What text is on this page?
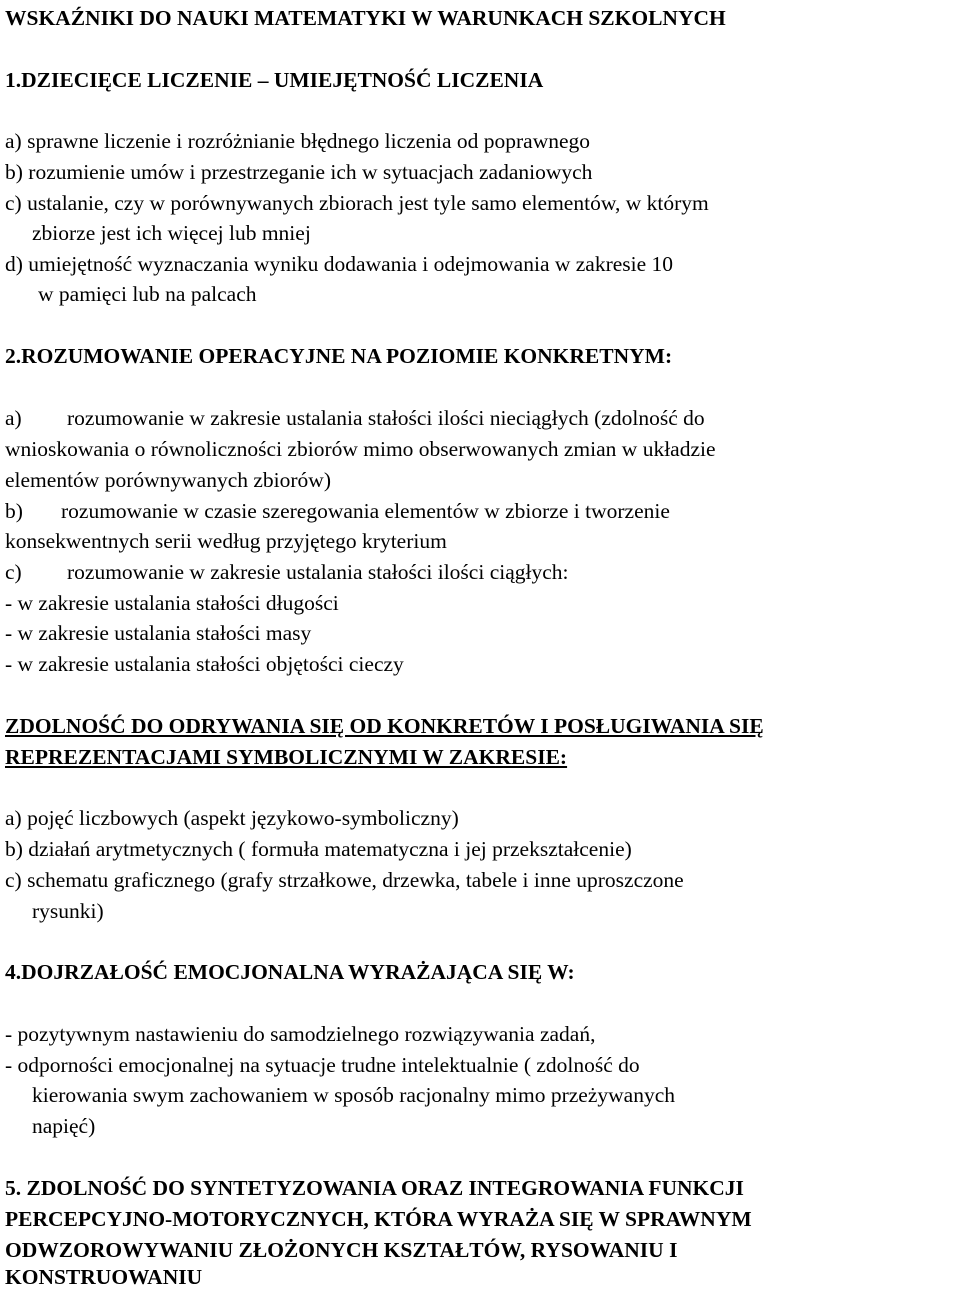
WSKAŹNIKI DO NAUKI MATEMATYKI W WARUNKACH SZKOLNYCH

1.DZIECIĘCE LICZENIE – UMIEJĘTNOŚĆ LICZENIA

a) sprawne liczenie i rozróżnianie błędnego liczenia od poprawnego

b) rozumienie umów i przestrzeganie ich w sytuacjach zadaniowych

c) ustalanie, czy w porównywanych zbiorach jest tyle samo elementów, w którym

zbiorze jest ich więcej lub mniej

d) umiejętność wyznaczania wyniku dodawania i odejmowania w zakresie 10

w pamięci lub na palcach

2.ROZUMOWANIE OPERACYJNE NA POZIOMIE KONKRETNYM:

a) rozumowanie w zakresie ustalania stałości ilości nieciągłych (zdolność do

wnioskowania o równoliczności zbiorów mimo obserwowanych zmian w układzie

elementów porównywanych zbiorów)

b) rozumowanie w czasie szeregowania elementów w zbiorze i tworzenie

konsekwentnych serii według przyjętego kryterium

c) rozumowanie w zakresie ustalania stałości ilości ciągłych:

- w zakresie ustalania stałości długości

- w zakresie ustalania stałości masy

- w zakresie ustalania stałości objętości cieczy

ZDOLNOŚĆ DO ODRYWANIA SIĘ OD KONKRETÓW I POSŁUGIWANIA SIĘ

REPREZENTACJAMI SYMBOLICZNYMI W ZAKRESIE:

a) pojęć liczbowych (aspekt językowo-symboliczny)

b) działań arytmetycznych ( formuła matematyczna i jej przekształcenie)

c) schematu graficznego (grafy strzałkowe, drzewka, tabele i inne uproszczone

rysunki)

4.DOJRZAŁOŚĆ EMOCJONALNA WYRAŻAJĄCA SIĘ W:

- pozytywnym nastawieniu do samodzielnego rozwiązywania zadań,

- odporności emocjonalnej na sytuacje trudne intelektualnie ( zdolność do

kierowania swym zachowaniem w sposób racjonalny mimo przeżywanych

napięć)

5. ZDOLNOŚĆ DO SYNTETYZOWANIA ORAZ INTEGROWANIA FUNKCJI

PERCEPCYJNO-MOTORYCZNYCH, KTÓRA WYRAŻA SIĘ W SPRAWNYM

ODWZOROWYWANIU ZŁOŻONYCH KSZTAŁTÓW, RYSOWANIU I

KONSTRUOWANIU
